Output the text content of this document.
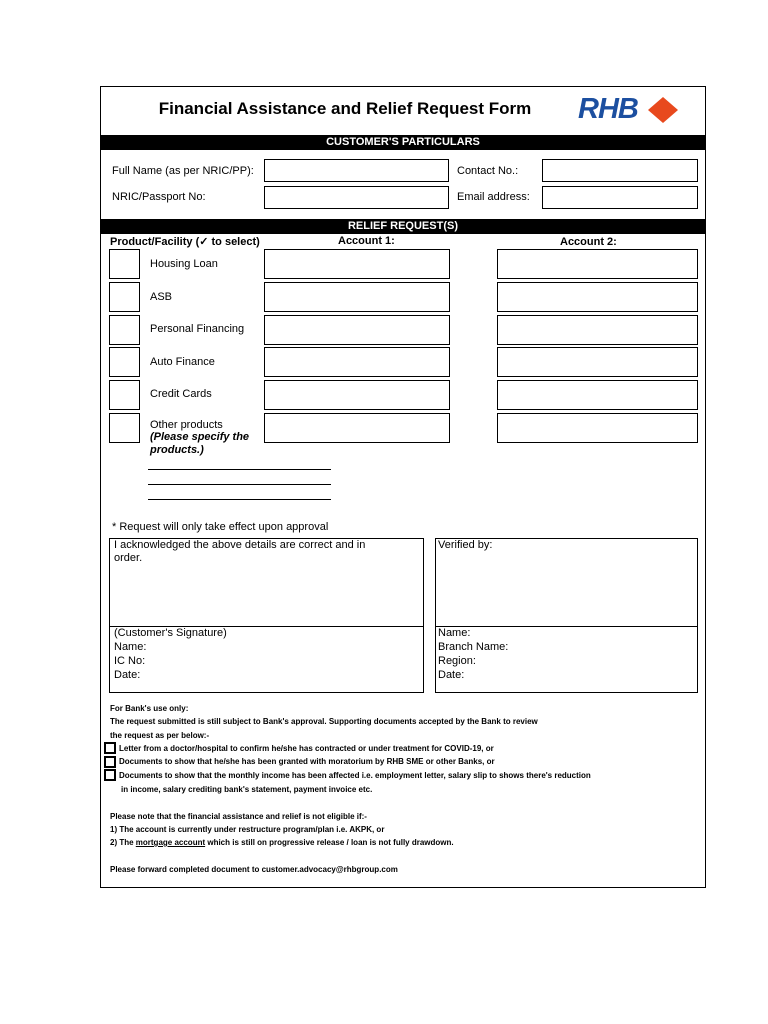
Financial Assistance and Relief Request Form	RHB
CUSTOMER'S PARTICULARS
Full Name (as per NRIC/PP):	Contact No.:
NRIC/Passport No:	Email address:
RELIEF REQUEST(S)
Product/Facility (✓ to select)	Account 1:	Account 2:
Housing Loan
ASB
Personal Financing
Auto Finance
Credit Cards
Other products
(Please specify the products.)
* Request will only take effect upon approval
I acknowledged the above details are correct and in order.
(Customer's Signature)
Name:
IC No:
Date:
Verified by:
Name:
Branch Name:
Region:
Date:
For Bank's use only:
The request submitted is still subject to Bank's approval. Supporting documents accepted by the Bank to review
the request as per below:-
Letter from a doctor/hospital to confirm he/she has contracted or under treatment for COVID-19, or
Documents to show that he/she has been granted with moratorium by RHB SME or other Banks, or
Documents to show that the monthly income has been affected i.e. employment letter, salary slip to shows there's reduction
in income, salary crediting bank's statement, payment invoice etc.
Please note that the financial assistance and relief is not eligible if:-
1) The account is currently under restructure program/plan i.e. AKPK, or
2) The mortgage account which is still on progressive release / loan is not fully drawdown.
Please forward completed document to customer.advocacy@rhbgroup.com
